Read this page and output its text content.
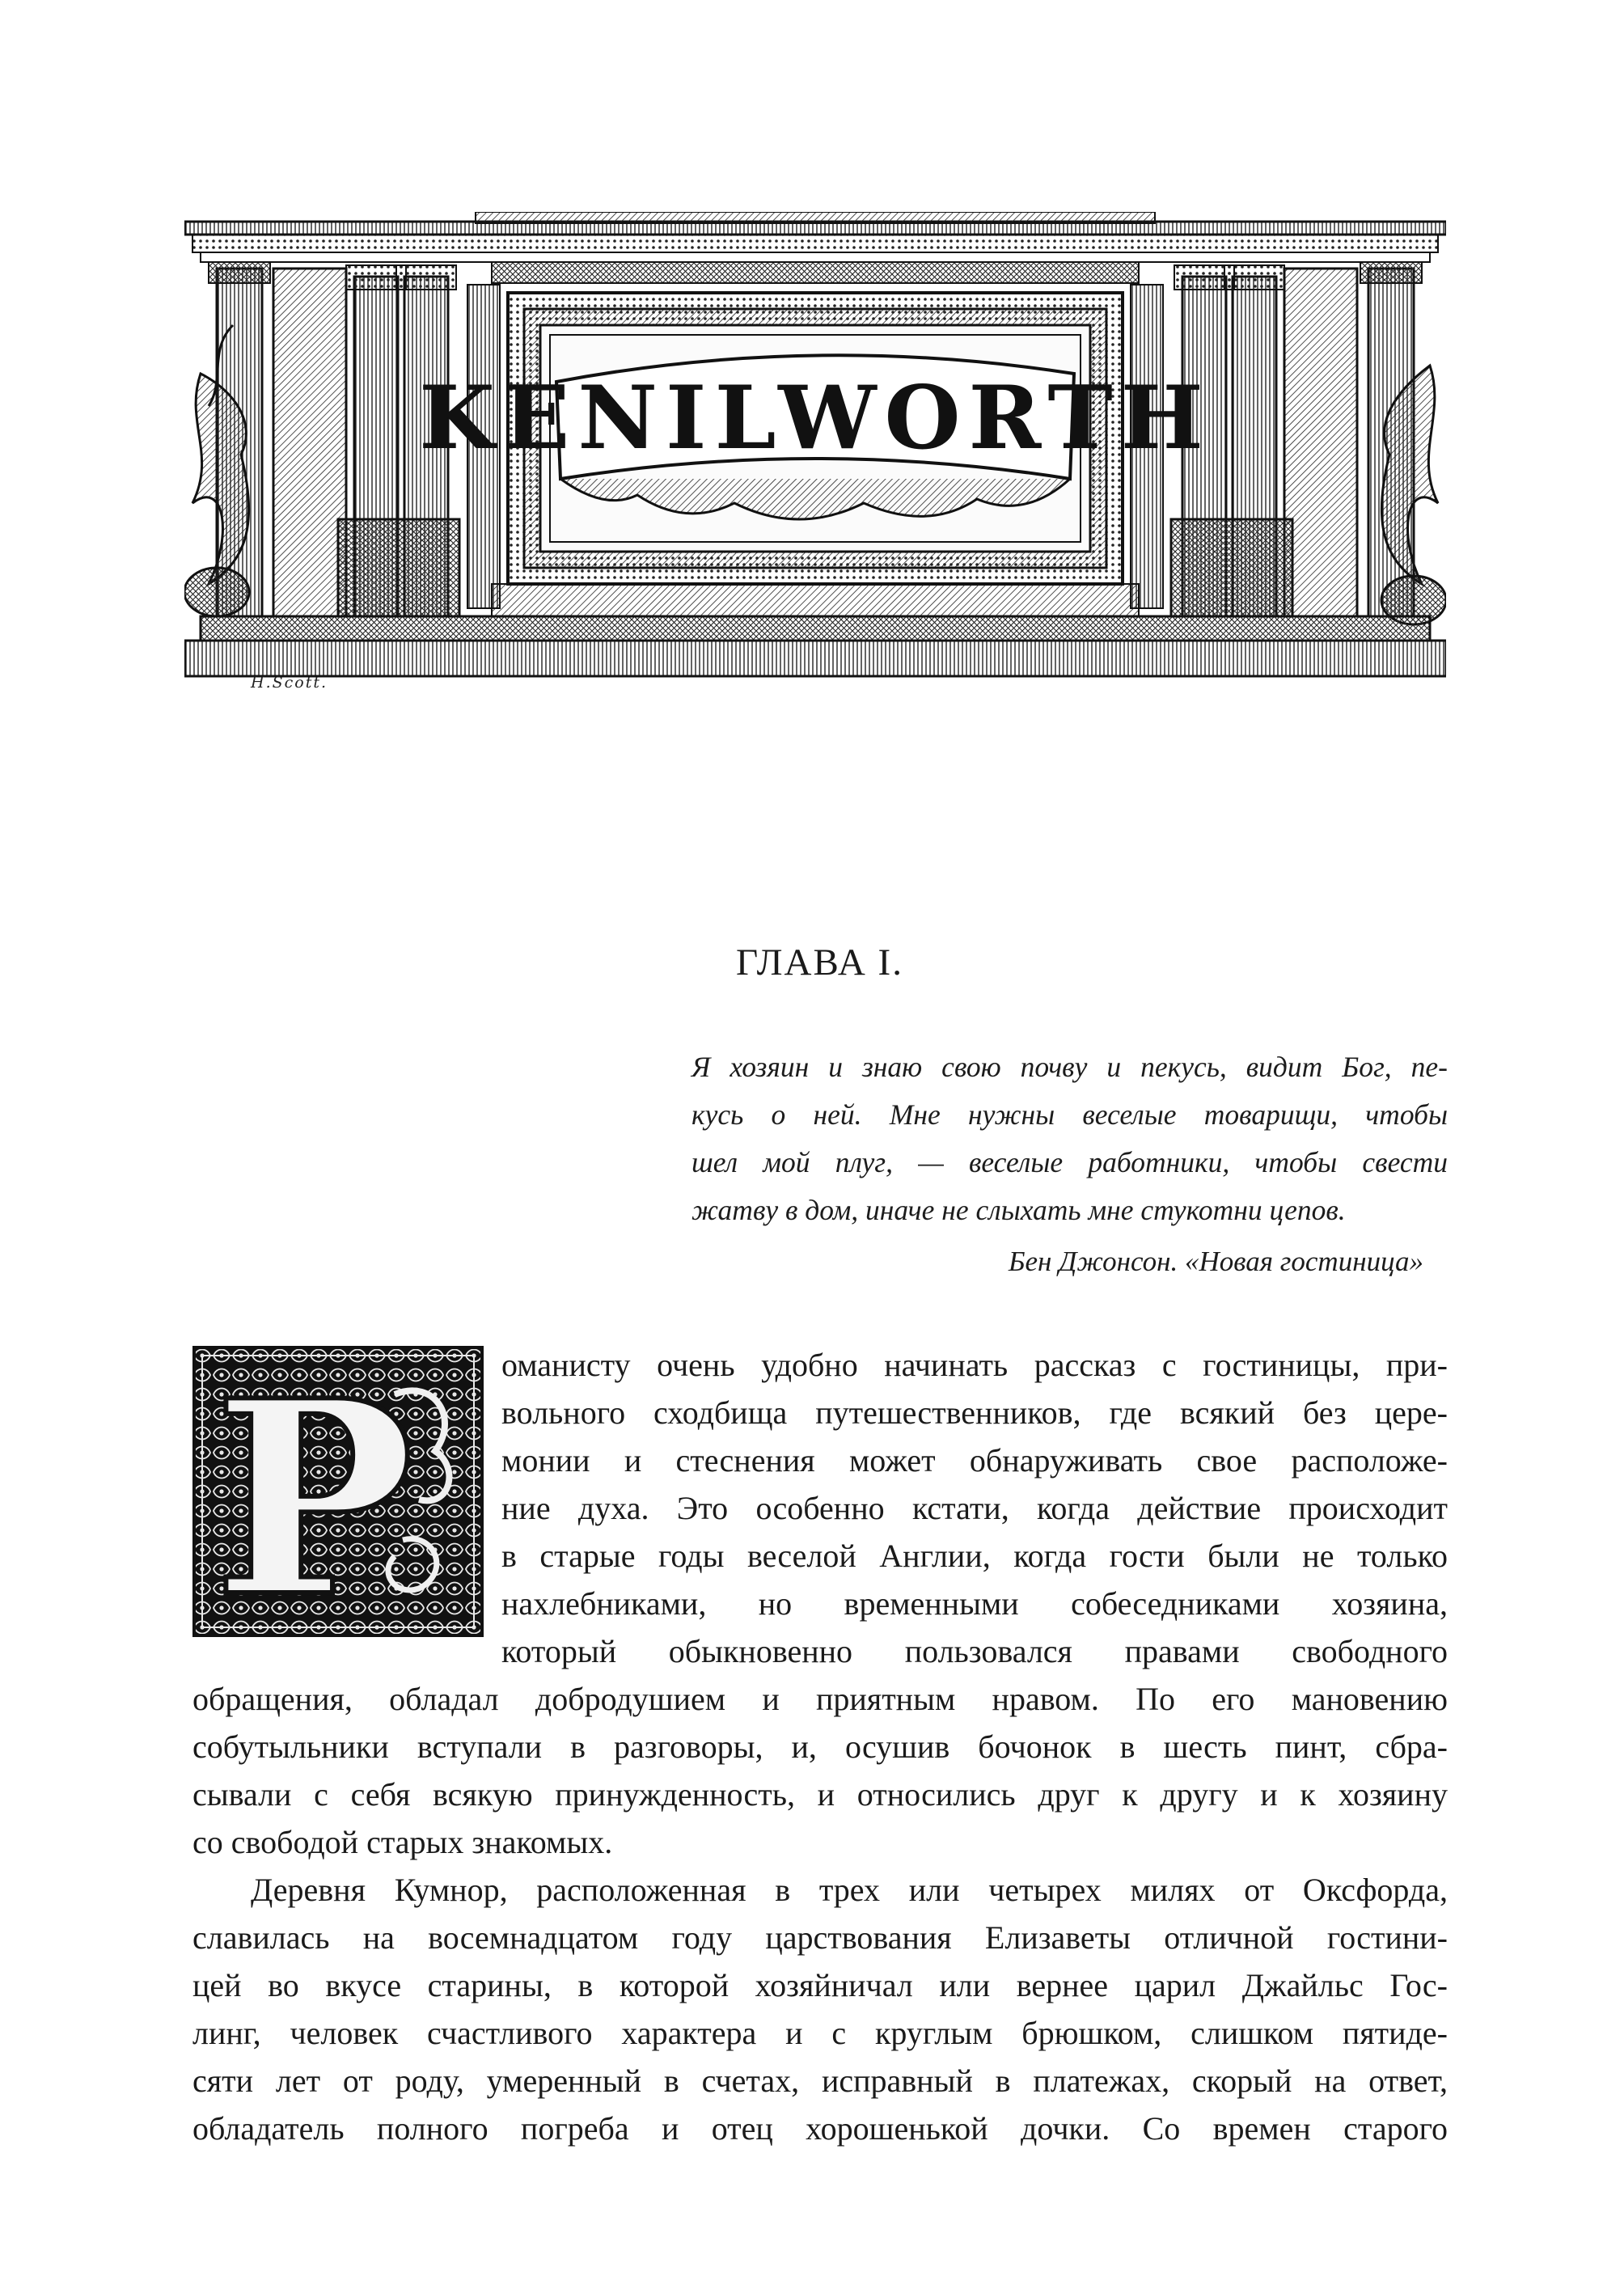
KENILWORTH
H.Scott.
ГЛАВА I.
Я хозяин и знаю свою почву и пекусь, видит Бог, пе-
кусь о ней. Мне нужны веселые товарищи, чтобы
шел мой плуг, — веселые работники, чтобы свести
жатву в дом, иначе не слыхать мне стукотни цепов.
Бен Джонсон. «Новая гостиница»
Р	оманисту очень удобно начинать рассказ с гостиницы, при-
вольного сходбища путешественников, где всякий без цере-
монии и стеснения может обнаруживать свое расположе-
ние духа. Это особенно кстати, когда действие происходит
в старые годы веселой Англии, когда гости были не только
нахлебниками, но временными собеседниками хозяина,
который обыкновенно пользовался правами свободного
обращения, обладал добродушием и приятным нравом. По его мановению
собутыльники вступали в разговоры, и, осушив бочонок в шесть пинт, сбра-
сывали с себя всякую принужденность, и относились друг к другу и к хозяину
со свободой старых знакомых.
Деревня Кумнор, расположенная в трех или четырех милях от Оксфорда,
славилась на восемнадцатом году царствования Елизаветы отличной гостини-
цей во вкусе старины, в которой хозяйничал или вернее царил Джайльс Гос-
линг, человек счастливого характера и с круглым брюшком, слишком пятиде-
сяти лет от роду, умеренный в счетах, исправный в платежах, скорый на ответ,
обладатель полного погреба и отец хорошенькой дочки. Со времен старого
